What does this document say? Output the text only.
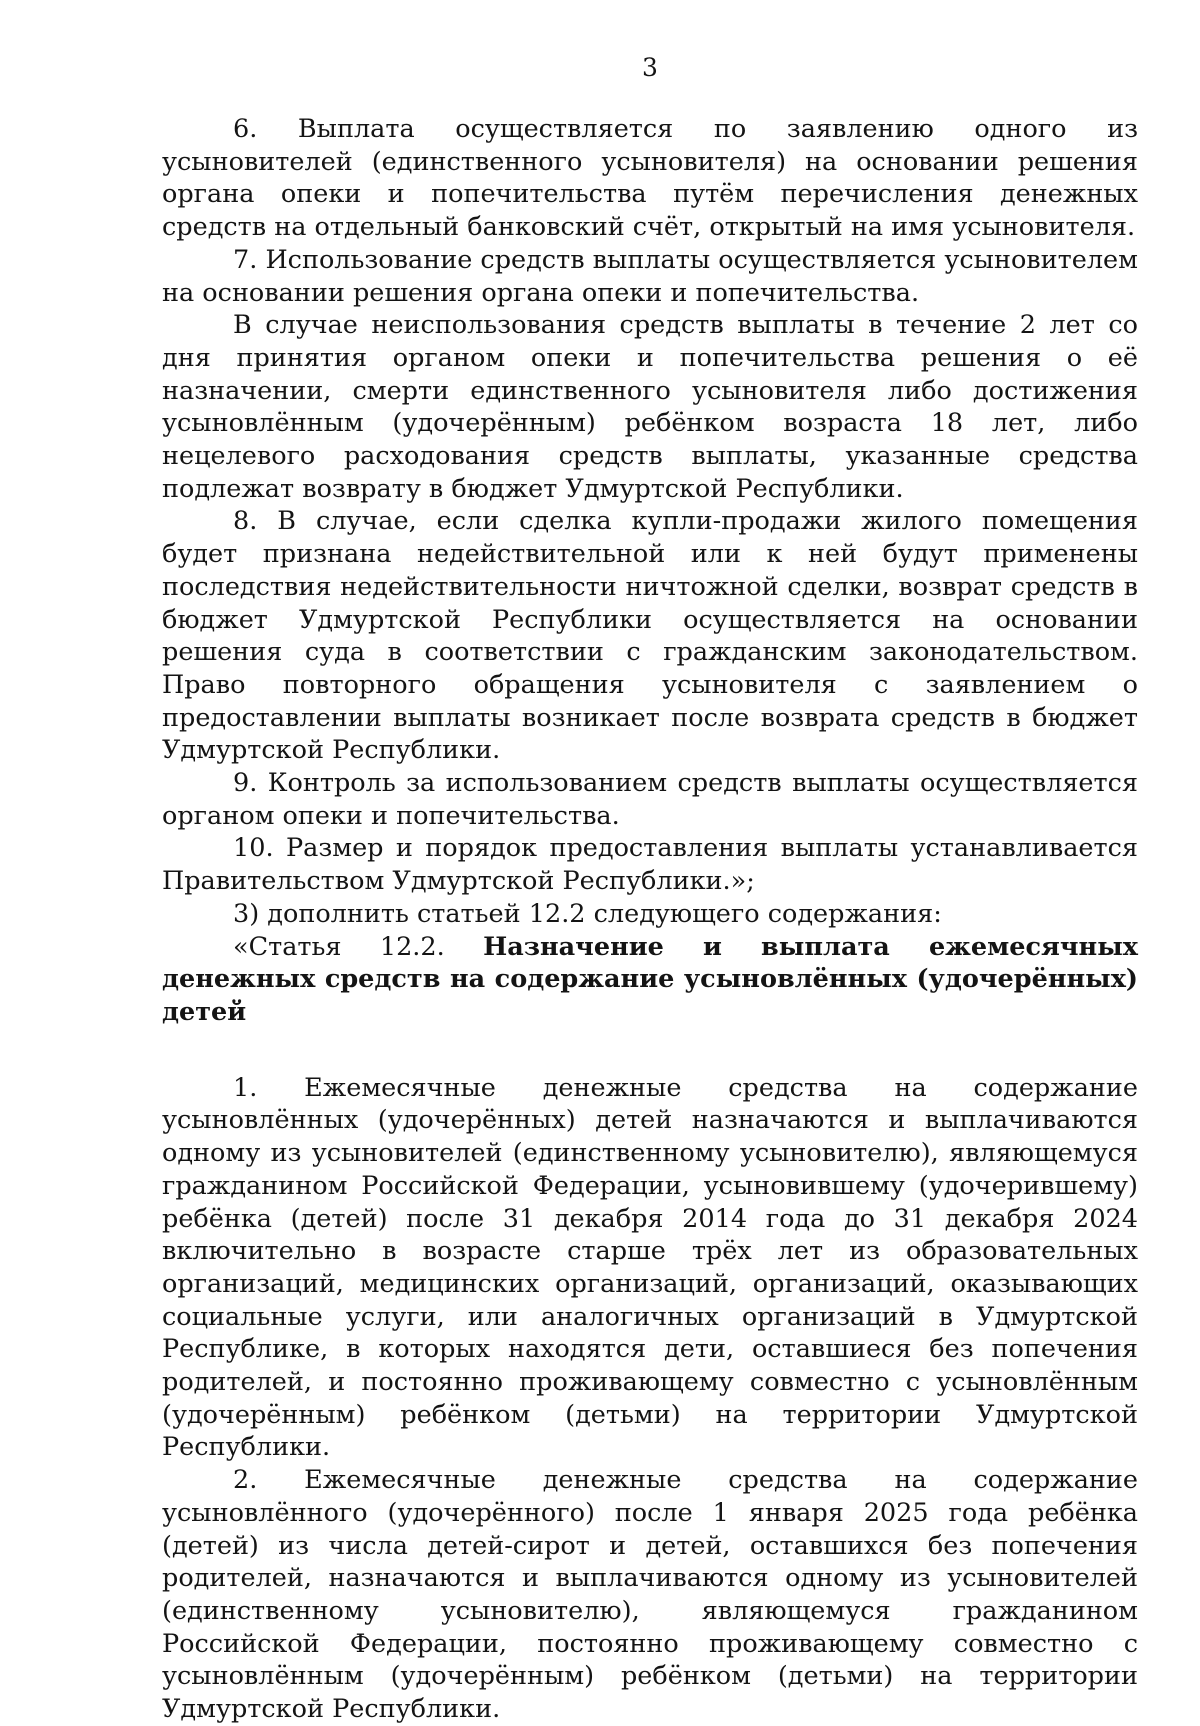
3

6. Выплата осуществляется по заявлению одного из усыновителей (единственного усыновителя) на основании решения органа опеки и попечительства путём перечисления денежных средств на отдельный банковский счёт, открытый на имя усыновителя.

7. Использование средств выплаты осуществляется усыновителем на основании решения органа опеки и попечительства.

В случае неиспользования средств выплаты в течение 2 лет со дня принятия органом опеки и попечительства решения о её назначении, смерти единственного усыновителя либо достижения усыновлённым (удочерённым) ребёнком возраста 18 лет, либо нецелевого расходования средств выплаты, указанные средства подлежат возврату в бюджет Удмуртской Республики.

8. В случае, если сделка купли-продажи жилого помещения будет признана недействительной или к ней будут применены последствия недействительности ничтожной сделки, возврат средств в бюджет Удмуртской Республики осуществляется на основании решения суда в соответствии с гражданским законодательством. Право повторного обращения усыновителя с заявлением о предоставлении выплаты возникает после возврата средств в бюджет Удмуртской Республики.

9. Контроль за использованием средств выплаты осуществляется органом опеки и попечительства.

10. Размер и порядок предоставления выплаты устанавливается Правительством Удмуртской Республики.»;

3) дополнить статьей 12.2 следующего содержания:

«Статья 12.2. Назначение и выплата ежемесячных денежных средств на содержание усыновлённых (удочерённых) детей

1. Ежемесячные денежные средства на содержание усыновлённых (удочерённых) детей назначаются и выплачиваются одному из усыновителей (единственному усыновителю), являющемуся гражданином Российской Федерации, усыновившему (удочерившему) ребёнка (детей) после 31 декабря 2014 года до 31 декабря 2024 включительно в возрасте старше трёх лет из образовательных организаций, медицинских организаций, организаций, оказывающих социальные услуги, или аналогичных организаций в Удмуртской Республике, в которых находятся дети, оставшиеся без попечения родителей, и постоянно проживающему совместно с усыновлённым (удочерённым) ребёнком (детьми) на территории Удмуртской Республики.

2. Ежемесячные денежные средства на содержание усыновлённого (удочерённого) после 1 января 2025 года ребёнка (детей) из числа детей-сирот и детей, оставшихся без попечения родителей, назначаются и выплачиваются одному из усыновителей (единственному усыновителю), являющемуся гражданином Российской Федерации, постоянно проживающему совместно с усыновлённым (удочерённым) ребёнком (детьми) на территории Удмуртской Республики.
